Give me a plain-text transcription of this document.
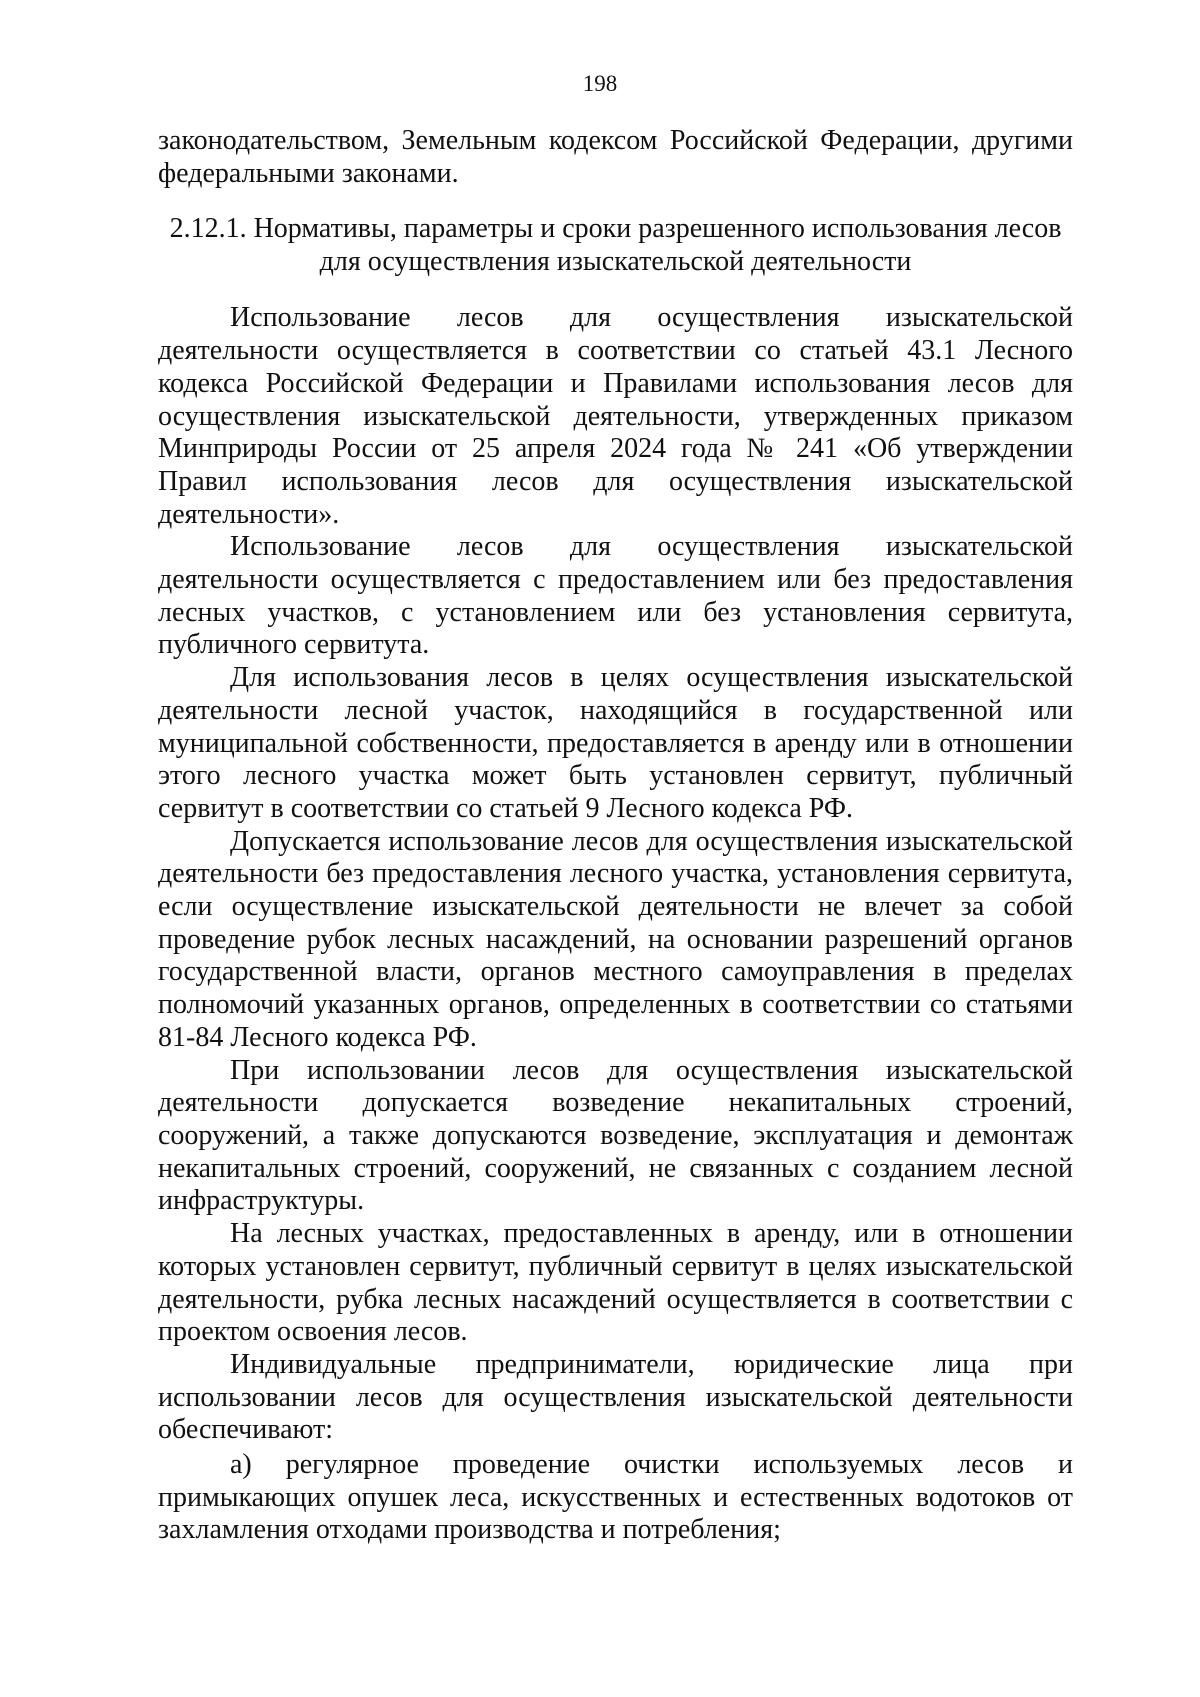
198

законодательством, Земельным кодексом Российской Федерации, другими федеральными законами.

2.12.1. Нормативы, параметры и сроки разрешенного использования лесов
для осуществления изыскательской деятельности

Использование лесов для осуществления изыскательской деятельности осуществляется в соответствии со статьей 43.1 Лесного кодекса Российской Федерации и Правилами использования лесов для осуществления изыскательской деятельности, утвержденных приказом Минприроды России от 25 апреля 2024 года № 241 «Об утверждении Правил использования лесов для осуществления изыскательской деятельности».

Использование лесов для осуществления изыскательской деятельности осуществляется с предоставлением или без предоставления лесных участков, с установлением или без установления сервитута, публичного сервитута.

Для использования лесов в целях осуществления изыскательской деятельности лесной участок, находящийся в государственной или муниципальной собственности, предоставляется в аренду или в отношении этого лесного участка может быть установлен сервитут, публичный сервитут в соответствии со статьей 9 Лесного кодекса РФ.

Допускается использование лесов для осуществления изыскательской деятельности без предоставления лесного участка, установления сервитута, если осуществление изыскательской деятельности не влечет за собой проведение рубок лесных насаждений, на основании разрешений органов государственной власти, органов местного самоуправления в пределах полномочий указанных органов, определенных в соответствии со статьями 81-84 Лесного кодекса РФ.

При использовании лесов для осуществления изыскательской деятельности допускается возведение некапитальных строений, сооружений, а также допускаются возведение, эксплуатация и демонтаж некапитальных строений, сооружений, не связанных с созданием лесной инфраструктуры.

На лесных участках, предоставленных в аренду, или в отношении которых установлен сервитут, публичный сервитут в целях изыскательской деятельности, рубка лесных насаждений осуществляется в соответствии с проектом освоения лесов.

Индивидуальные предприниматели, юридические лица при использовании лесов для осуществления изыскательской деятельности обеспечивают:

а) регулярное проведение очистки используемых лесов и примыкающих опушек леса, искусственных и естественных водотоков от захламления отходами производства и потребления;
